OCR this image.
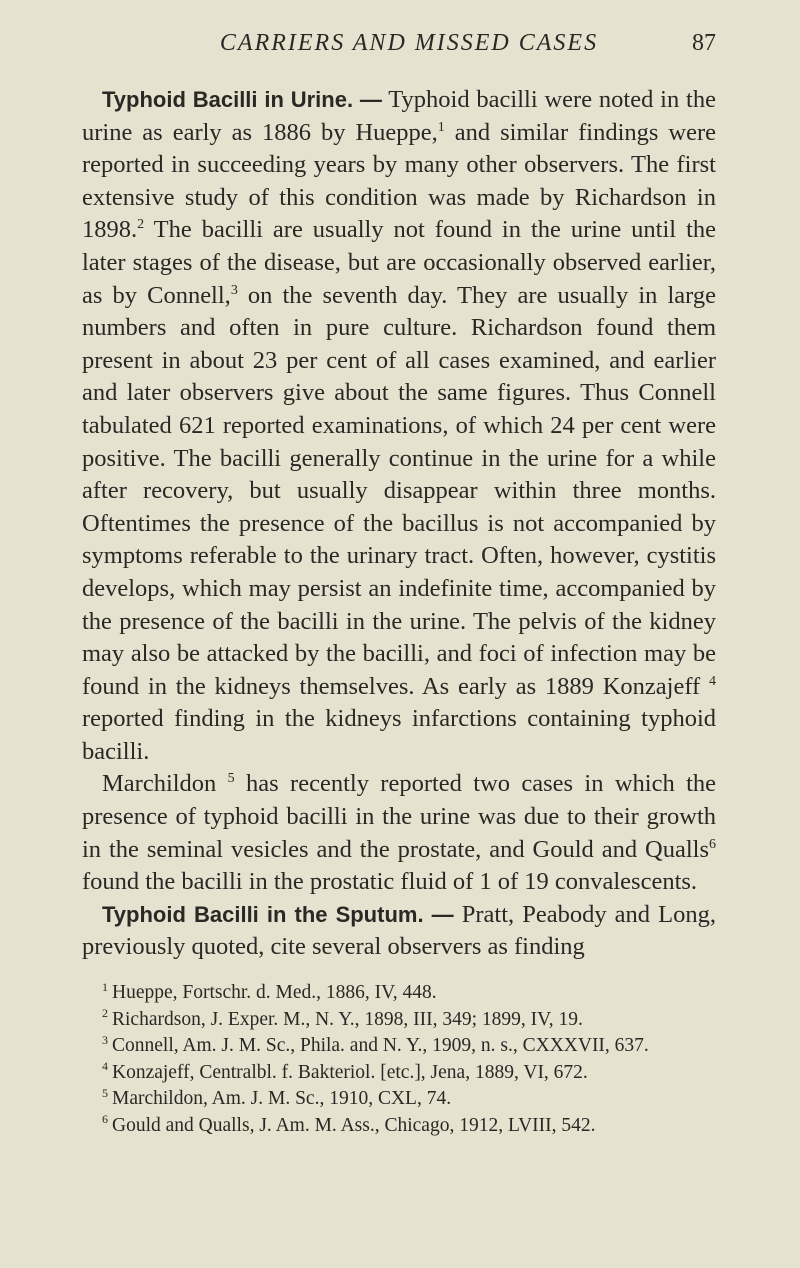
CARRIERS AND MISSED CASES	87

Typhoid Bacilli in Urine. — Typhoid bacilli were noted in the urine as early as 1886 by Hueppe,$^1$ and similar findings were reported in succeeding years by many other observers. The first extensive study of this condition was made by Richardson in 1898.$^2$ The bacilli are usually not found in the urine until the later stages of the disease, but are occasionally observed earlier, as by Connell,$^3$ on the seventh day. They are usually in large numbers and often in pure culture. Richardson found them present in about 23 per cent of all cases examined, and earlier and later observers give about the same figures. Thus Connell tabulated 621 reported examinations, of which 24 per cent were positive. The bacilli generally continue in the urine for a while after recovery, but usually disappear within three months. Oftentimes the presence of the bacillus is not accompanied by symptoms referable to the urinary tract. Often, however, cystitis develops, which may persist an indefinite time, accompanied by the presence of the bacilli in the urine. The pelvis of the kidney may also be attacked by the bacilli, and foci of infection may be found in the kidneys themselves. As early as 1889 Konzajeff $^4$ reported finding in the kidneys infarctions containing typhoid bacilli.

Marchildon $^5$ has recently reported two cases in which the presence of typhoid bacilli in the urine was due to their growth in the seminal vesicles and the prostate, and Gould and Qualls$^6$ found the bacilli in the prostatic fluid of 1 of 19 convalescents.

Typhoid Bacilli in the Sputum. — Pratt, Peabody and Long, previously quoted, cite several observers as finding

$^1$ Hueppe, Fortschr. d. Med., 1886, IV, 448.

$^2$ Richardson, J. Exper. M., N. Y., 1898, III, 349; 1899, IV, 19.

$^3$ Connell, Am. J. M. Sc., Phila. and N. Y., 1909, n. s., CXXXVII, 637.

$^4$ Konzajeff, Centralbl. f. Bakteriol. [etc.], Jena, 1889, VI, 672.

$^5$ Marchildon, Am. J. M. Sc., 1910, CXL, 74.

$^6$ Gould and Qualls, J. Am. M. Ass., Chicago, 1912, LVIII, 542.
